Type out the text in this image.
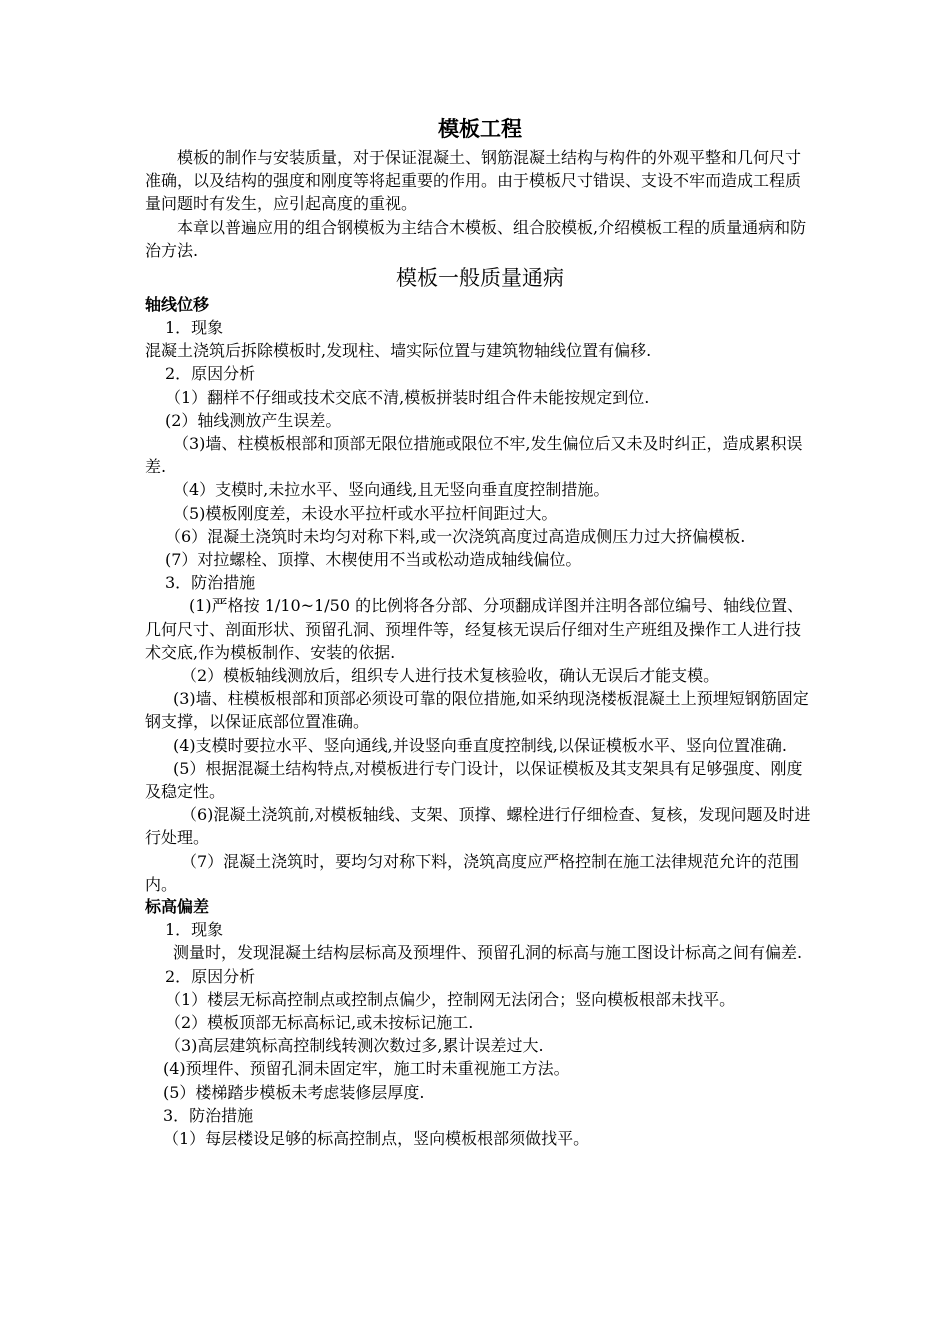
模板工程

模板的制作与安装质量，对于保证混凝土、钢筋混凝土结构与构件的外观平整和几何尺寸准确，以及结构的强度和刚度等将起重要的作用。由于模板尺寸错误、支设不牢而造成工程质量问题时有发生，应引起高度的重视。

本章以普遍应用的组合钢模板为主结合木模板、组合胶模板,介绍模板工程的质量通病和防治方法.

模板一般质量通病

轴线位移

1．现象

混凝土浇筑后拆除模板时,发现柱、墙实际位置与建筑物轴线位置有偏移.

2．原因分析

（1）翻样不仔细或技术交底不清,模板拼装时组合件未能按规定到位.

(2）轴线测放产生误差。

（3)墙、柱模板根部和顶部无限位措施或限位不牢,发生偏位后又未及时纠正，造成累积误差.

（4）支模时,未拉水平、竖向通线,且无竖向垂直度控制措施。

（5)模板刚度差，未设水平拉杆或水平拉杆间距过大。

（6）混凝土浇筑时未均匀对称下料,或一次浇筑高度过高造成侧压力过大挤偏模板.

(7）对拉螺栓、顶撑、木楔使用不当或松动造成轴线偏位。

3．防治措施

(1)严格按 1/10~1/50 的比例将各分部、分项翻成详图并注明各部位编号、轴线位置、几何尺寸、剖面形状、预留孔洞、预埋件等，经复核无误后仔细对生产班组及操作工人进行技术交底,作为模板制作、安装的依据.

（2）模板轴线测放后，组织专人进行技术复核验收，确认无误后才能支模。

(3)墙、柱模板根部和顶部必须设可靠的限位措施,如采纳现浇楼板混凝土上预埋短钢筋固定钢支撑，以保证底部位置准确。

(4)支模时要拉水平、竖向通线,并设竖向垂直度控制线,以保证模板水平、竖向位置准确.

(5）根据混凝土结构特点,对模板进行专门设计，以保证模板及其支架具有足够强度、刚度及稳定性。

（6)混凝土浇筑前,对模板轴线、支架、顶撑、螺栓进行仔细检查、复核，发现问题及时进行处理。

（7）混凝土浇筑时，要均匀对称下料，浇筑高度应严格控制在施工法律规范允许的范围内。

标高偏差

1．现象

测量时，发现混凝土结构层标高及预埋件、预留孔洞的标高与施工图设计标高之间有偏差.

2．原因分析

（1）楼层无标高控制点或控制点偏少，控制网无法闭合；竖向模板根部未找平。

（2）模板顶部无标高标记,或未按标记施工.

（3)高层建筑标高控制线转测次数过多,累计误差过大.

(4)预埋件、预留孔洞未固定牢，施工时未重视施工方法。

(5）楼梯踏步模板未考虑装修层厚度.

3．防治措施

（1）每层楼设足够的标高控制点，竖向模板根部须做找平。
